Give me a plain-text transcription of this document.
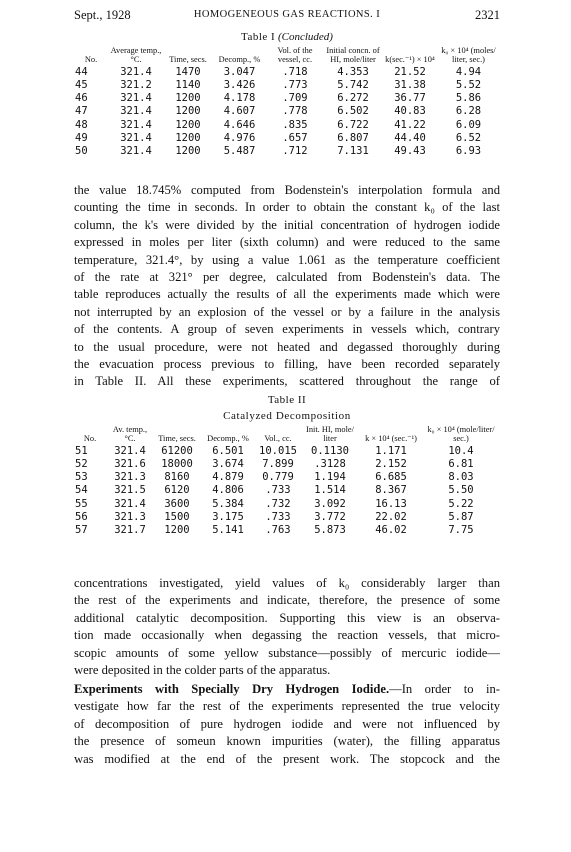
Sept., 1928	HOMOGENEOUS GAS REACTIONS. I	2321
Table I (Concluded)
No.	Average temp., °C.	Time, secs.	Decomp., %	Vol. of the vessel, cc.	Initial concn. of HI, mole/liter	k(sec.⁻¹) × 10⁴	k₀ × 10⁴ (moles/ liter, sec.)
44	321.4	1470	3.047	.718	4.353	21.52	4.94
45	321.2	1140	3.426	.773	5.742	31.38	5.52
46	321.4	1200	4.178	.709	6.272	36.77	5.86
47	321.4	1200	4.607	.778	6.502	40.83	6.28
48	321.4	1200	4.646	.835	6.722	41.22	6.09
49	321.4	1200	4.976	.657	6.807	44.40	6.52
50	321.4	1200	5.487	.712	7.131	49.43	6.93
the value 18.745% computed from Bodenstein's interpolation formula and
counting the time in seconds. In order to obtain the constant k₀ of the last
column, the k's were divided by the initial concentration of hydrogen iodide
expressed in moles per liter (sixth column) and were reduced to the same
temperature, 321.4°, by using a value 1.061 as the temperature coefficient
of the rate at 321° per degree, calculated from Bodenstein's data. The
table reproduces actually the results of all the experiments made which were
not interrupted by an explosion of the vessel or by a failure in the analysis
of the contents. A group of seven experiments in vessels which, contrary
to the usual procedure, were not heated and degassed thoroughly during
the evacuation process previous to filling, have been recorded separately
in Table II. All these experiments, scattered throughout the range of
Table II
Catalyzed Decomposition
No.	Av. temp., °C.	Time, secs.	Decomp., %	Vol., cc.	Init. HI, mole/ liter	k × 10⁴ (sec.⁻¹)	k₀ × 10⁴ (mole/liter/ sec.)
51	321.4	61200	6.501	10.015	0.1130	1.171	10.4
52	321.6	18000	3.674	7.899	.3128	2.152	6.81
53	321.3	8160	4.879	0.779	1.194	6.685	8.03
54	321.5	6120	4.806	.733	1.514	8.367	5.50
55	321.4	3600	5.384	.732	3.092	16.13	5.22
56	321.3	1500	3.175	.733	3.772	22.02	5.87
57	321.7	1200	5.141	.763	5.873	46.02	7.75
concentrations investigated, yield values of k₀ considerably larger than
the rest of the experiments and indicate, therefore, the presence of some
additional catalytic decomposition. Supporting this view is an observa-
tion made occasionally when degassing the reaction vessels, that micro-
scopic amounts of some yellow substance—possibly of mercuric iodide—
were deposited in the colder parts of the apparatus.
Experiments with Specially Dry Hydrogen Iodide.—In order to in-
vestigate how far the rest of the experiments represented the true velocity
of decomposition of pure hydrogen iodide and were not influenced by
the presence of someun known impurities (water), the filling apparatus
was modified at the end of the present work. The stopcock and the
